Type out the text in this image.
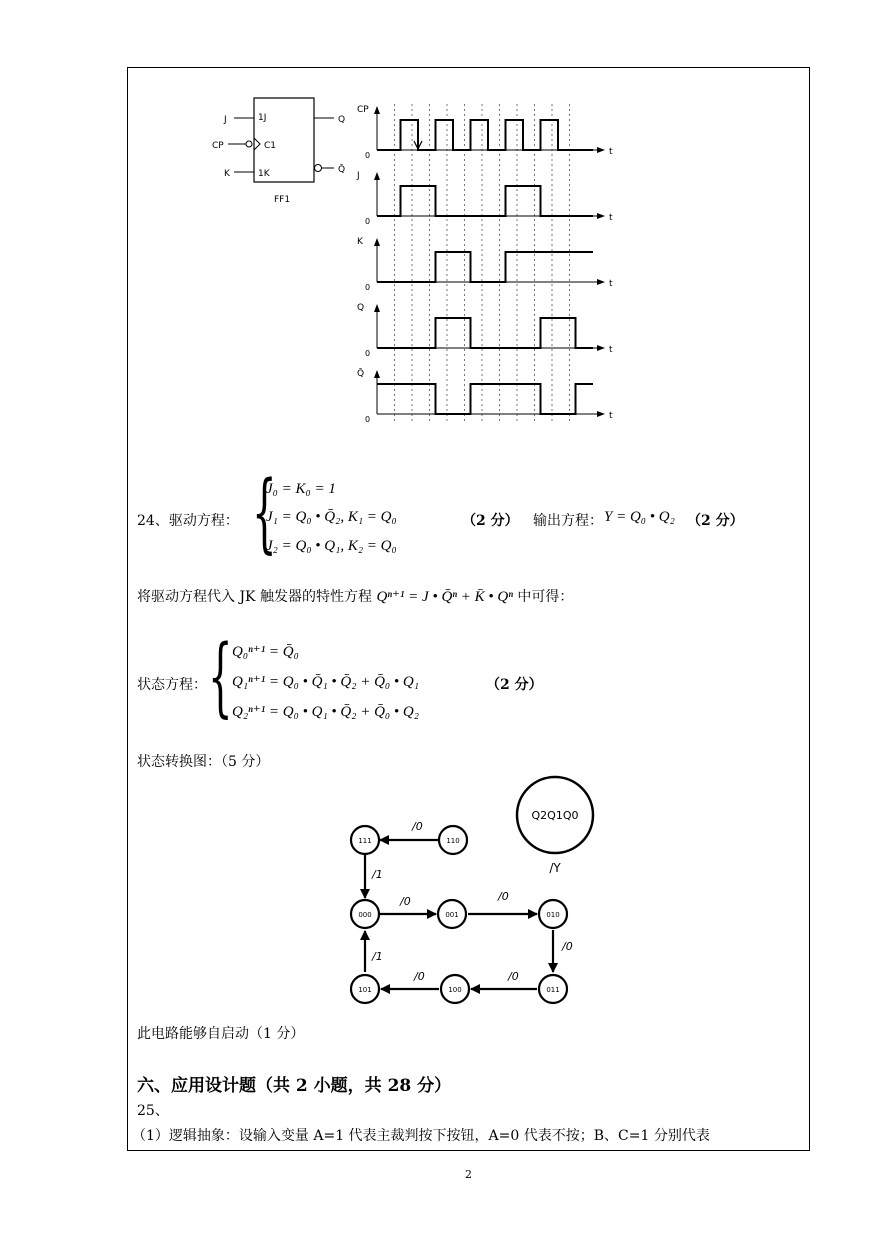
J
CP
K
1J
C1
1K
Q
Q̄
FF1
t
0
CP
t
0
J
t
0
K
t
0
Q
t
0
Q̄
24、驱动方程： {
J₀ = K₀ = 1
J₁ = Q₀ • Q̄₂, K₁ = Q₀	（2 分） 输出方程： Y = Q₀ • Q₂ （2 分）
J₂ = Q₀ • Q₁, K₂ = Q₀
将驱动方程代入 JK 触发器的特性方程 Qⁿ⁺¹ = J • Q̄ⁿ + K̄ • Qⁿ 中可得：
状态方程： { Q₀ⁿ⁺¹ = Q̄₀
Q₁ⁿ⁺¹ = Q₀ • Q̄₁ • Q̄₂ + Q̄₀ • Q₁	（2 分）
Q₂ⁿ⁺¹ = Q₀ • Q₁ • Q̄₂ + Q̄₀ • Q₂
状态转换图：（5 分）
Q2Q1Q0
/Y
111	110
000	001	010
011
100
101
/0
/1
/0	/0
/0
/0
/0
/1
此电路能够自启动（1 分）
六、应用设计题（共 2 小题，共 28 分）
25、
（1）逻辑抽象：设输入变量 A=1 代表主裁判按下按钮，A=0 代表不按；B、C=1 分别代表
2
